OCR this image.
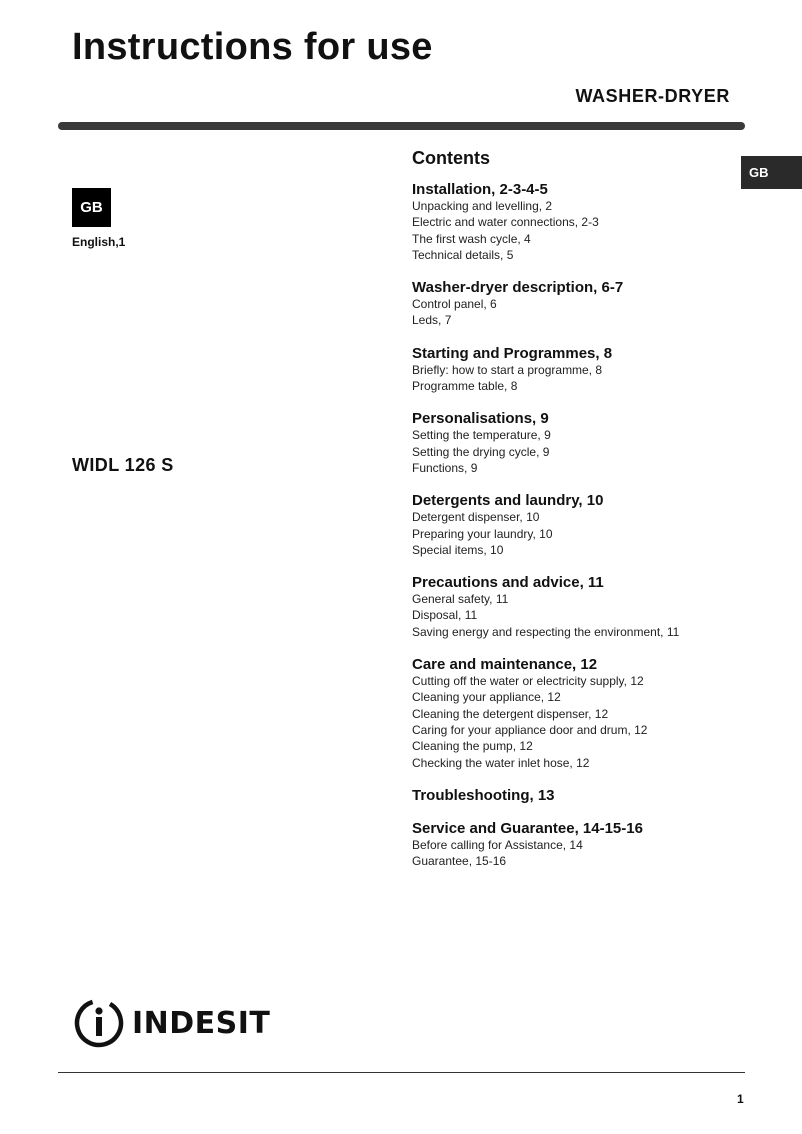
Instructions for use
WASHER-DRYER
GB
GB
English,1
WIDL 126 S
Contents
Installation, 2-3-4-5
Unpacking and levelling, 2
Electric and water connections, 2-3
The first wash cycle, 4
Technical details, 5
Washer-dryer description, 6-7
Control panel, 6
Leds, 7
Starting and Programmes, 8
Briefly: how to start a programme, 8
Programme table, 8
Personalisations, 9
Setting the temperature, 9
Setting the drying cycle, 9
Functions, 9
Detergents and laundry, 10
Detergent dispenser, 10
Preparing your laundry, 10
Special items, 10
Precautions and advice, 11
General safety, 11
Disposal, 11
Saving energy and respecting the environment, 11
Care and maintenance, 12
Cutting off the water or electricity supply, 12
Cleaning your appliance, 12
Cleaning the detergent dispenser, 12
Caring for your appliance door and drum, 12
Cleaning the pump, 12
Checking the water inlet hose, 12
Troubleshooting, 13
Service and Guarantee, 14-15-16
Before calling for Assistance, 14
Guarantee, 15-16
INDESIT
1
